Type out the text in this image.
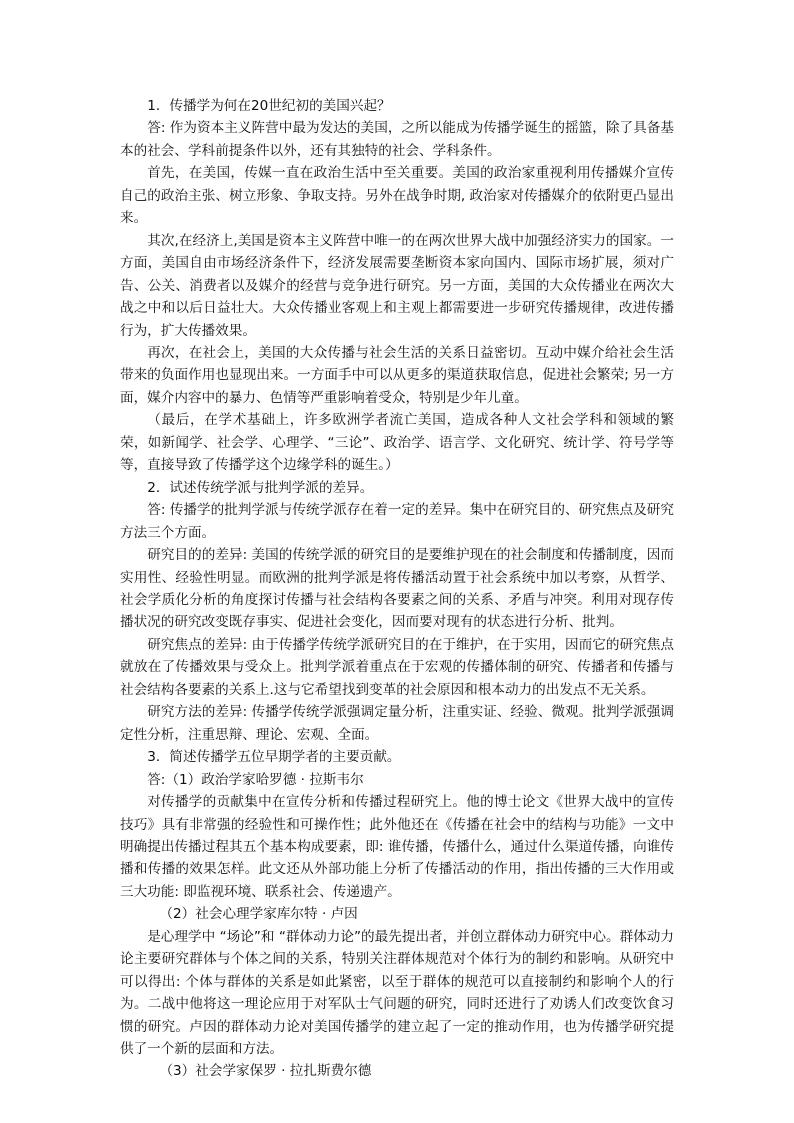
1．传播学为何在20世纪初的美国兴起？

答: 作为资本主义阵营中最为发达的美国，之所以能成为传播学诞生的摇篮，除了具备基本的社会、学科前提条件以外，还有其独特的社会、学科条件。

首先，在美国，传媒一直在政治生活中至关重要。美国的政治家重视利用传播媒介宣传自己的政治主张、树立形象、争取支持。另外在战争时期, 政治家对传播媒介的依附更凸显出来。

其次,在经济上,美国是资本主义阵营中唯一的在两次世界大战中加强经济实力的国家。一方面，美国自由市场经济条件下，经济发展需要垄断资本家向国内、国际市场扩展，须对广告、公关、消费者以及媒介的经营与竞争进行研究。另一方面，美国的大众传播业在两次大战之中和以后日益壮大。大众传播业客观上和主观上都需要进一步研究传播规律，改进传播行为，扩大传播效果。

再次，在社会上，美国的大众传播与社会生活的关系日益密切。互动中媒介给社会生活带来的负面作用也显现出来。一方面手中可以从更多的渠道获取信息，促进社会繁荣; 另一方面，媒介内容中的暴力、色情等严重影响着受众，特别是少年儿童。

（最后，在学术基础上，许多欧洲学者流亡美国，造成各种人文社会学科和领域的繁荣，如新闻学、社会学、心理学、“三论”、政治学、语言学、文化研究、统计学、符号学等等，直接导致了传播学这个边缘学科的诞生。）

2．试述传统学派与批判学派的差异。

答: 传播学的批判学派与传统学派存在着一定的差异。集中在研究目的、研究焦点及研究方法三个方面。

研究目的的差异: 美国的传统学派的研究目的是要维护现在的社会制度和传播制度，因而实用性、经验性明显。而欧洲的批判学派是将传播活动置于社会系统中加以考察，从哲学、社会学质化分析的角度探讨传播与社会结构各要素之间的关系、矛盾与冲突。利用对现存传播状况的研究改变既存事实、促进社会变化，因而要对现有的状态进行分析、批判。

研究焦点的差异: 由于传播学传统学派研究目的在于维护，在于实用，因而它的研究焦点就放在了传播效果与受众上。批判学派着重点在于宏观的传播体制的研究、传播者和传播与社会结构各要素的关系上.这与它希望找到变革的社会原因和根本动力的出发点不无关系。

研究方法的差异: 传播学传统学派强调定量分析，注重实证、经验、微观。批判学派强调定性分析，注重思辩、理论、宏观、全面。

3．简述传播学五位早期学者的主要贡献。

答:（1）政治学家哈罗德 · 拉斯韦尔

对传播学的贡献集中在宣传分析和传播过程研究上。他的博士论文《世界大战中的宣传技巧》具有非常强的经验性和可操作性；此外他还在《传播在社会中的结构与功能》一文中明确提出传播过程其五个基本构成要素，即: 谁传播，传播什么，通过什么渠道传播，向谁传播和传播的效果怎样。此文还从外部功能上分析了传播活动的作用，指出传播的三大作用或三大功能: 即监视环境、联系社会、传递遗产。

（2）社会心理学家库尔特 · 卢因

是心理学中 “场论”和 “群体动力论”的最先提出者，并创立群体动力研究中心。群体动力论主要研究群体与个体之间的关系，特别关注群体规范对个体行为的制约和影响。从研究中可以得出: 个体与群体的关系是如此紧密，以至于群体的规范可以直接制约和影响个人的行为。二战中他将这一理论应用于对军队士气问题的研究，同时还进行了劝诱人们改变饮食习惯的研究。卢因的群体动力论对美国传播学的建立起了一定的推动作用，也为传播学研究提供了一个新的层面和方法。

（3）社会学家保罗 · 拉扎斯费尔德
